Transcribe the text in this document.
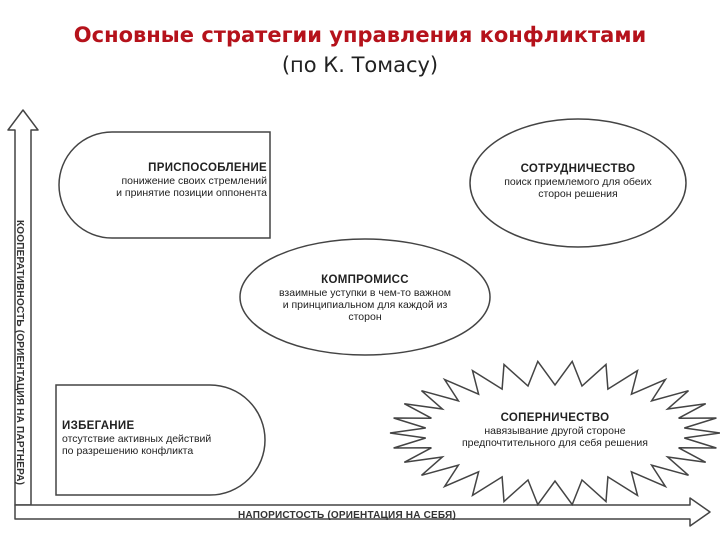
Основные стратегии управления конфликтами
(по К. Томасу)
ПРИСПОСОБЛЕНИЕ
понижение своих стремлений
и принятие позиции оппонента
СОТРУДНИЧЕСТВО
поиск приемлемого для обеих
сторон решения
КОМПРОМИСС
взаимные уступки в чем-то важном
и принципиальном для каждой из
сторон
ИЗБЕГАНИЕ
отсутствие активных действий
по разрешению конфликта
СОПЕРНИЧЕСТВО
навязывание другой стороне
предпочтительного для себя решения
КООПЕРАТИВНОСТЬ (ОРИЕНТАЦИЯ НА ПАРТНЕРА)
НАПОРИСТОСТЬ (ОРИЕНТАЦИЯ НА СЕБЯ)
